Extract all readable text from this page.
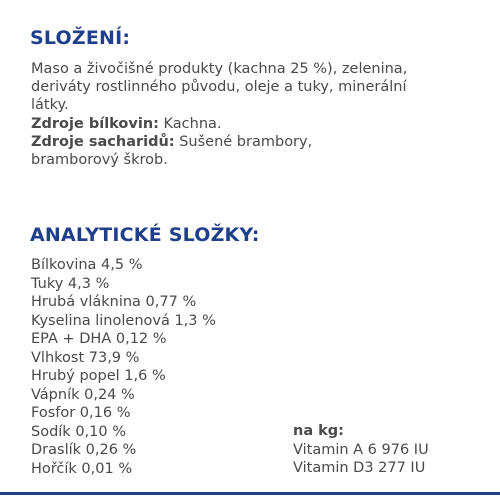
SLOŽENÍ:
Maso a živočišné produkty (kachna 25 %), zelenina,
deriváty rostlinného původu, oleje a tuky, minerální
látky.
Zdroje bílkovin: Kachna.
Zdroje sacharidů: Sušené brambory,
bramborový škrob.
ANALYTICKÉ SLOŽKY:
Bílkovina 4,5 %
Tuky 4,3 %
Hrubá vláknina 0,77 %
Kyselina linolenová 1,3 %
EPA + DHA 0,12 %
Vlhkost 73,9 %
Hrubý popel 1,6 %
Vápník 0,24 %
Fosfor 0,16 %
Sodík 0,10 %
Draslík 0,26 %
Hořčík 0,01 %
na kg:
Vitamin A 6 976 IU
Vitamin D3 277 IU
